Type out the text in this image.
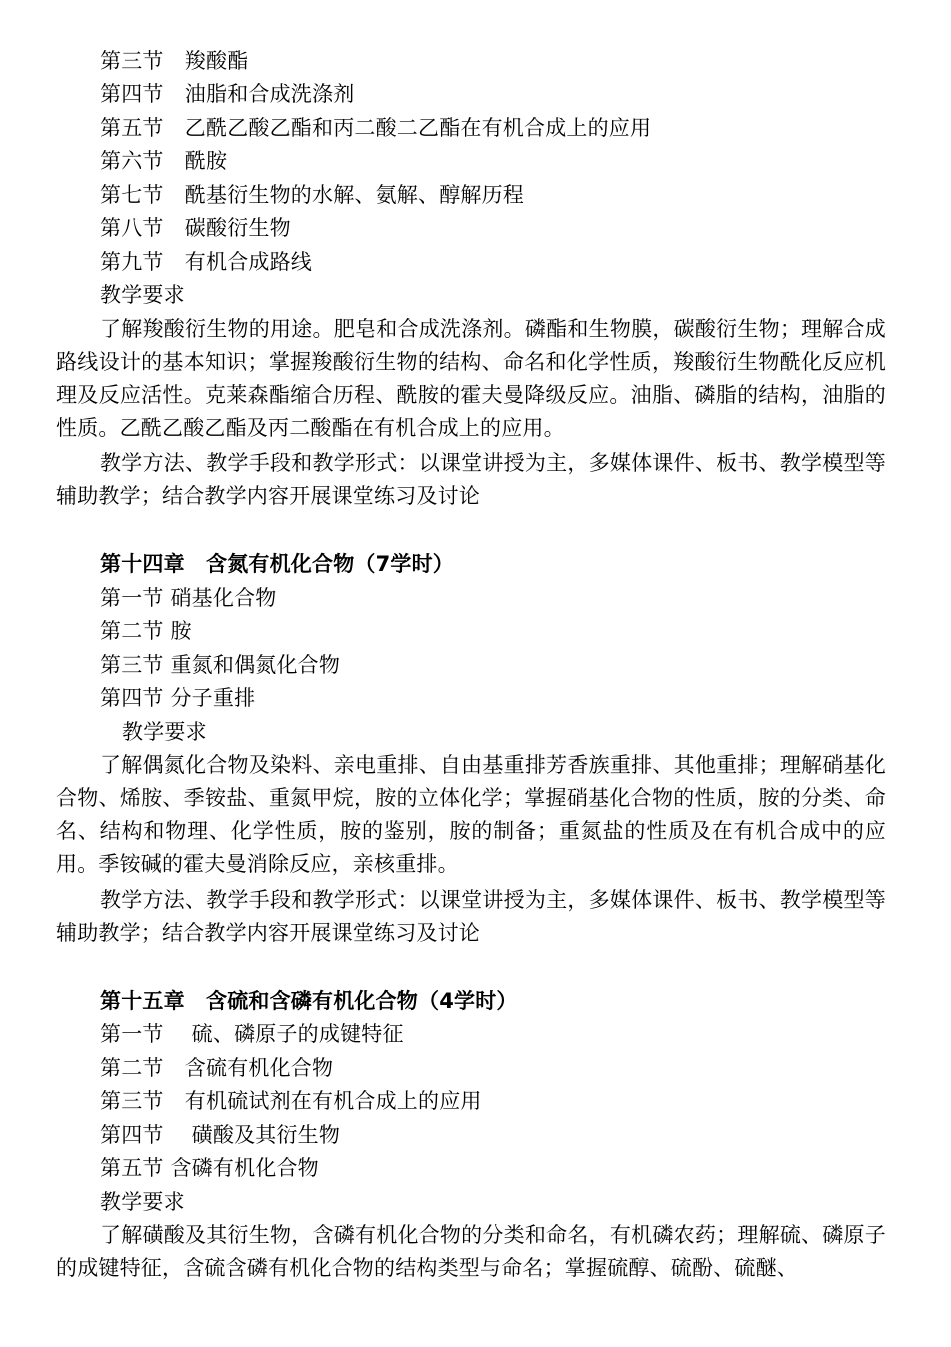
第三节　羧酸酯
第四节　油脂和合成洗涤剂
第五节　乙酰乙酸乙酯和丙二酸二乙酯在有机合成上的应用
第六节　酰胺
第七节　酰基衍生物的水解、氨解、醇解历程
第八节　碳酸衍生物
第九节　有机合成路线
教学要求
了解羧酸衍生物的用途。肥皂和合成洗涤剂。磷酯和生物膜，碳酸衍生物；理解合成路线设计的基本知识；掌握羧酸衍生物的结构、命名和化学性质，羧酸衍生物酰化反应机理及反应活性。克莱森酯缩合历程、酰胺的霍夫曼降级反应。油脂、磷脂的结构，油脂的性质。乙酰乙酸乙酯及丙二酸酯在有机合成上的应用。
教学方法、教学手段和教学形式：以课堂讲授为主，多媒体课件、板书、教学模型等辅助教学；结合教学内容开展课堂练习及讨论
第十四章　含氮有机化合物（7学时）
第一节 硝基化合物
第二节 胺
第三节 重氮和偶氮化合物
第四节 分子重排
教学要求
了解偶氮化合物及染料、亲电重排、自由基重排芳香族重排、其他重排；理解硝基化合物、烯胺、季铵盐、重氮甲烷，胺的立体化学；掌握硝基化合物的性质，胺的分类、命名、结构和物理、化学性质，胺的鉴别，胺的制备；重氮盐的性质及在有机合成中的应用。季铵碱的霍夫曼消除反应，亲核重排。
教学方法、教学手段和教学形式：以课堂讲授为主，多媒体课件、板书、教学模型等辅助教学；结合教学内容开展课堂练习及讨论
第十五章　含硫和含磷有机化合物（4学时）
第一节　 硫、磷原子的成键特征
第二节　含硫有机化合物
第三节　有机硫试剂在有机合成上的应用
第四节　 磺酸及其衍生物
第五节 含磷有机化合物
教学要求
了解磺酸及其衍生物，含磷有机化合物的分类和命名，有机磷农药；理解硫、磷原子的成键特征，含硫含磷有机化合物的结构类型与命名；掌握硫醇、硫酚、硫醚、
